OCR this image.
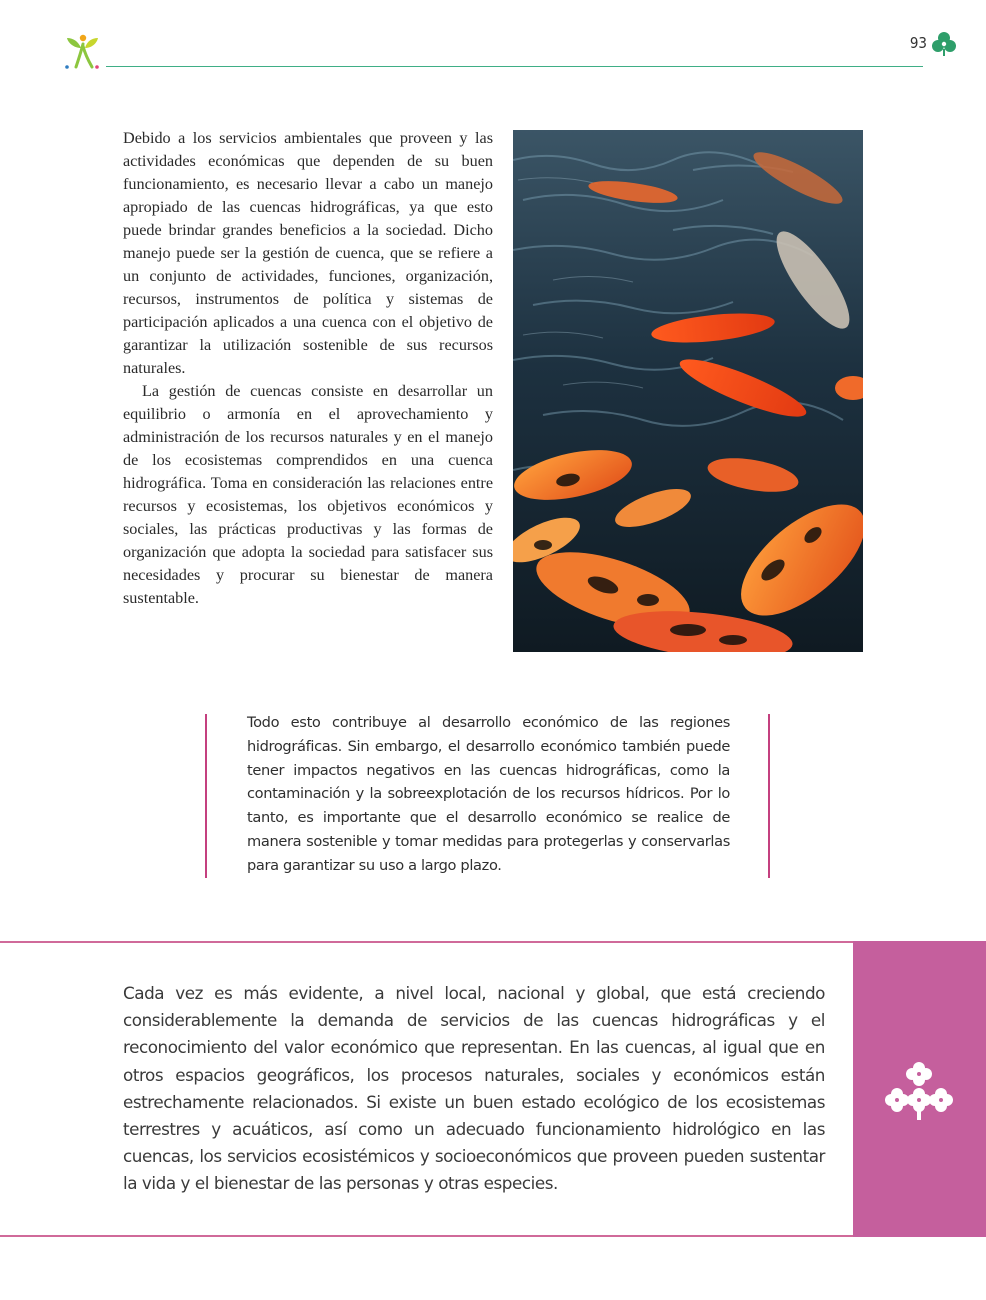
93

Debido a los servicios ambientales que proveen y las actividades económicas que dependen de su buen funcionamiento, es necesario llevar a cabo un manejo apropiado de las cuencas hidrográficas, ya que esto puede brindar grandes beneficios a la sociedad. Dicho manejo puede ser la gestión de cuenca, que se refiere a un conjunto de actividades, funciones, organización, recursos, instrumentos de política y sistemas de participación aplicados a una cuenca con el objetivo de garantizar la utilización sostenible de sus recursos naturales.

La gestión de cuencas consiste en desarrollar un equilibrio o armonía en el aprovechamiento y administración de los recursos naturales y en el manejo de los ecosistemas comprendidos en una cuenca hidrográfica. Toma en consideración las relaciones entre recursos y ecosistemas, los objetivos económicos y sociales, las prácticas productivas y las formas de organización que adopta la sociedad para satisfacer sus necesidades y procurar su bienestar de manera sustentable.

Todo esto contribuye al desarrollo económico de las regiones hidrográficas. Sin embargo, el desarrollo económico también puede tener impactos negativos en las cuencas hidrográficas, como la contaminación y la sobreexplotación de los recursos hídricos. Por lo tanto, es importante que el desarrollo económico se realice de manera sostenible y tomar medidas para protegerlas y conservarlas para garantizar su uso a largo plazo.

Cada vez es más evidente, a nivel local, nacional y global, que está creciendo considerablemente la demanda de servicios de las cuencas hidrográficas y el reconocimiento del valor económico que representan. En las cuencas, al igual que en otros espacios geográficos, los procesos naturales, sociales y económicos están estrechamente relacionados. Si existe un buen estado ecológico de los ecosistemas terrestres y acuáticos, así como un adecuado funcionamiento hidrológico en las cuencas, los servicios ecosistémicos y socioeconómicos que proveen pueden sustentar la vida y el bienestar de las personas y otras especies.
